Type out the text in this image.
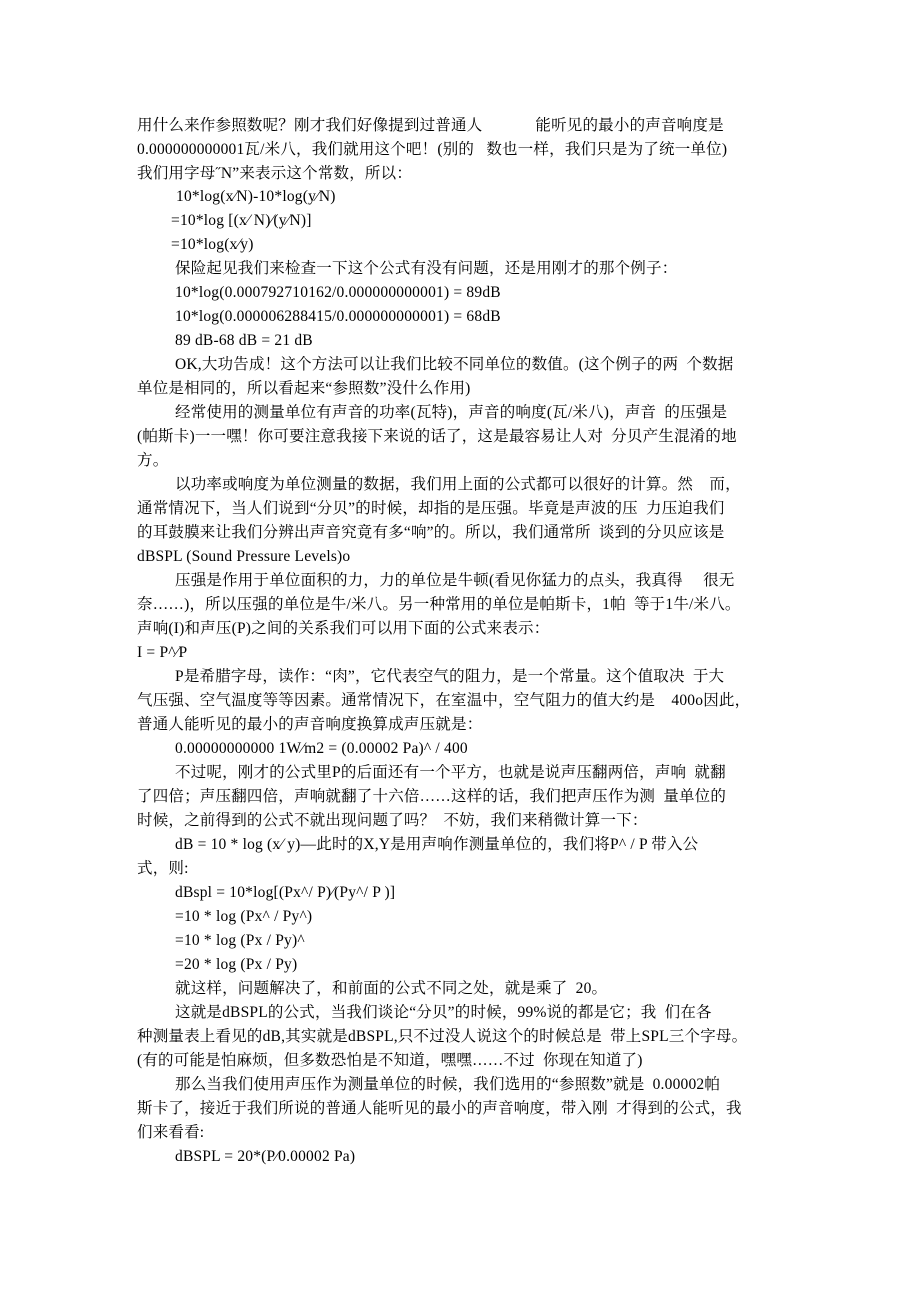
用什么来作参照数呢？刚才我们好像提到过普通人             能听见的最小的声音响度是
0.000000000001瓦/米八，我们就用这个吧！(别的   数也一样，我们只是为了统一单位)
我们用字母˝N”来表示这个常数，所以：
10*log(x⁄N)-10*log(y⁄N)
=10*log [(x⁄ N)⁄(y⁄N)]
=10*log(x⁄y)
保险起见我们来检查一下这个公式有没有问题，还是用刚才的那个例子：
10*log(0.000792710162/0.000000000001) = 89dB
10*log(0.000006288415/0.000000000001) = 68dB
89 dB-68 dB = 21 dB
OK,大功告成！这个方法可以让我们比较不同单位的数值。(这个例子的两  个数据
单位是相同的，所以看起来“参照数”没什么作用)
经常使用的测量单位有声音的功率(瓦特)，声音的响度(瓦/米八)，声音  的压强是
(帕斯卡)一一嘿！你可要注意我接下来说的话了，这是最容易让人对  分贝产生混淆的地
方。
以功率或响度为单位测量的数据，我们用上面的公式都可以很好的计算。然    而，
通常情况下，当人们说到“分贝”的时候，却指的是压强。毕竟是声波的压  力压迫我们
的耳鼓膜来让我们分辨出声音究竟有多“响”的。所以，我们通常所  谈到的分贝应该是
dBSPL (Sound Pressure Levels)o
压强是作用于单位面积的力，力的单位是牛顿(看见你猛力的点头，我真得     很无
奈……)，所以压强的单位是牛/米八。另一种常用的单位是帕斯卡，1帕  等于1牛/米八。
声响(I)和声压(P)之间的关系我们可以用下面的公式来表示：
I = P^⁄P
P是希腊字母，读作：“肉”，它代表空气的阻力，是一个常量。这个值取决  于大
气压强、空气温度等等因素。通常情况下，在室温中，空气阻力的值大约是    400o因此，
普通人能听见的最小的声音响度换算成声压就是：
0.00000000000 1W⁄m2 = (0.00002 Pa)^ / 400
不过呢，刚才的公式里P的后面还有一个平方，也就是说声压翻两倍，声响  就翻
了四倍；声压翻四倍，声响就翻了十六倍……这样的话，我们把声压作为测  量单位的
时候，之前得到的公式不就出现问题了吗？  不妨，我们来稍微计算一下：
dB = 10 * log (x⁄ y)—此时的X,Y是用声响作测量单位的，我们将P^ / P 带入公
式，则:
dBspl = 10*log[(Px^/ P)⁄(Py^/ P )]
=10 * log (Px^ / Py^)
=10 * log (Px / Py)^
=20 * log (Px / Py)
就这样，问题解决了，和前面的公式不同之处，就是乘了  20。
这就是dBSPL的公式，当我们谈论“分贝”的时候，99%说的都是它；我  们在各
种测量表上看见的dB,其实就是dBSPL,只不过没人说这个的时候总是  带上SPL三个字母。
(有的可能是怕麻烦，但多数恐怕是不知道，嘿嘿……不过  你现在知道了)
那么当我们使用声压作为测量单位的时候，我们选用的“参照数”就是  0.00002帕
斯卡了，接近于我们所说的普通人能听见的最小的声音响度，带入刚  才得到的公式，我
们来看看:
dBSPL = 20*(P⁄0.00002 Pa)
